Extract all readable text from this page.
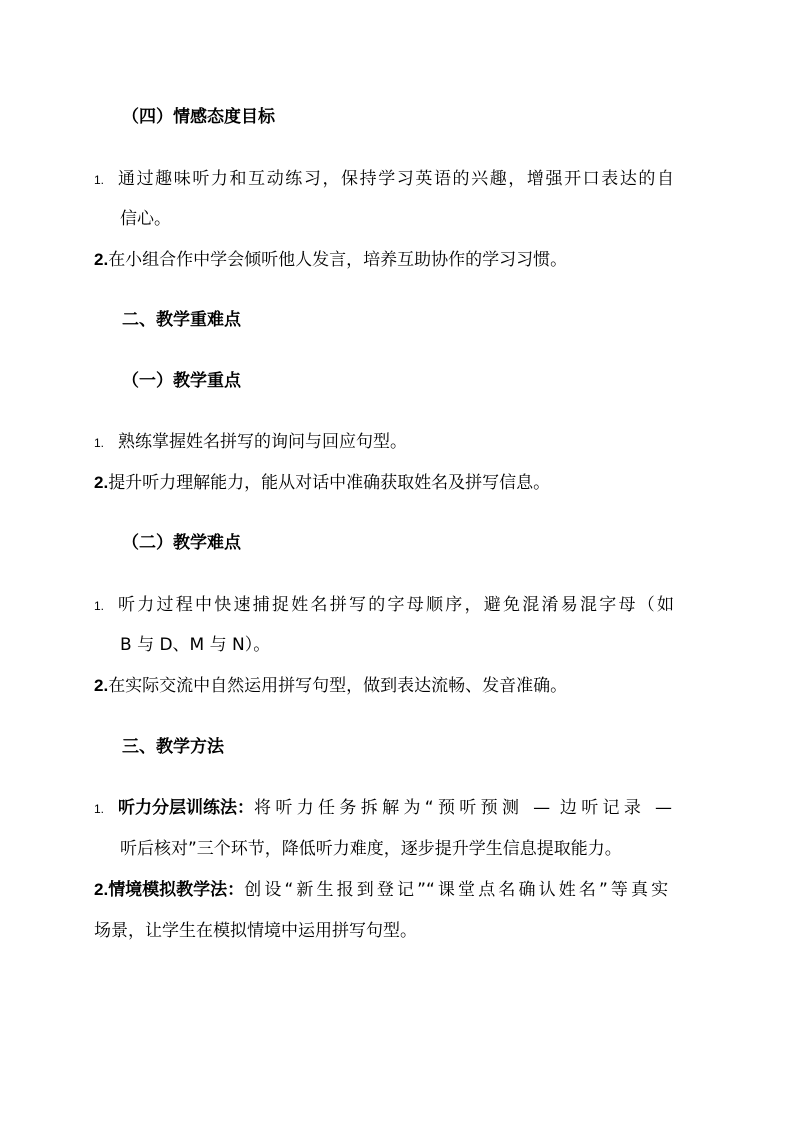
（四）情感态度目标
1. 通过趣味听力和互动练习，保持学习英语的兴趣，增强开口表达的自
信心。
2.在小组合作中学会倾听他人发言，培养互助协作的学习习惯。
二、教学重难点
（一）教学重点
1. 熟练掌握姓名拼写的询问与回应句型。
2.提升听力理解能力，能从对话中准确获取姓名及拼写信息。
（二）教学难点
1. 听力过程中快速捕捉姓名拼写的字母顺序，避免混淆易混字母（如
B 与 D、M 与 N）。
2.在实际交流中自然运用拼写句型，做到表达流畅、发音准确。
三、教学方法
1. 听力分层训练法：将听力任务拆解为“预听预测 — 边听记录 —
听后核对”三个环节，降低听力难度，逐步提升学生信息提取能力。
2.情境模拟教学法：创设“新生报到登记”“课堂点名确认姓名”等真实
场景，让学生在模拟情境中运用拼写句型。
